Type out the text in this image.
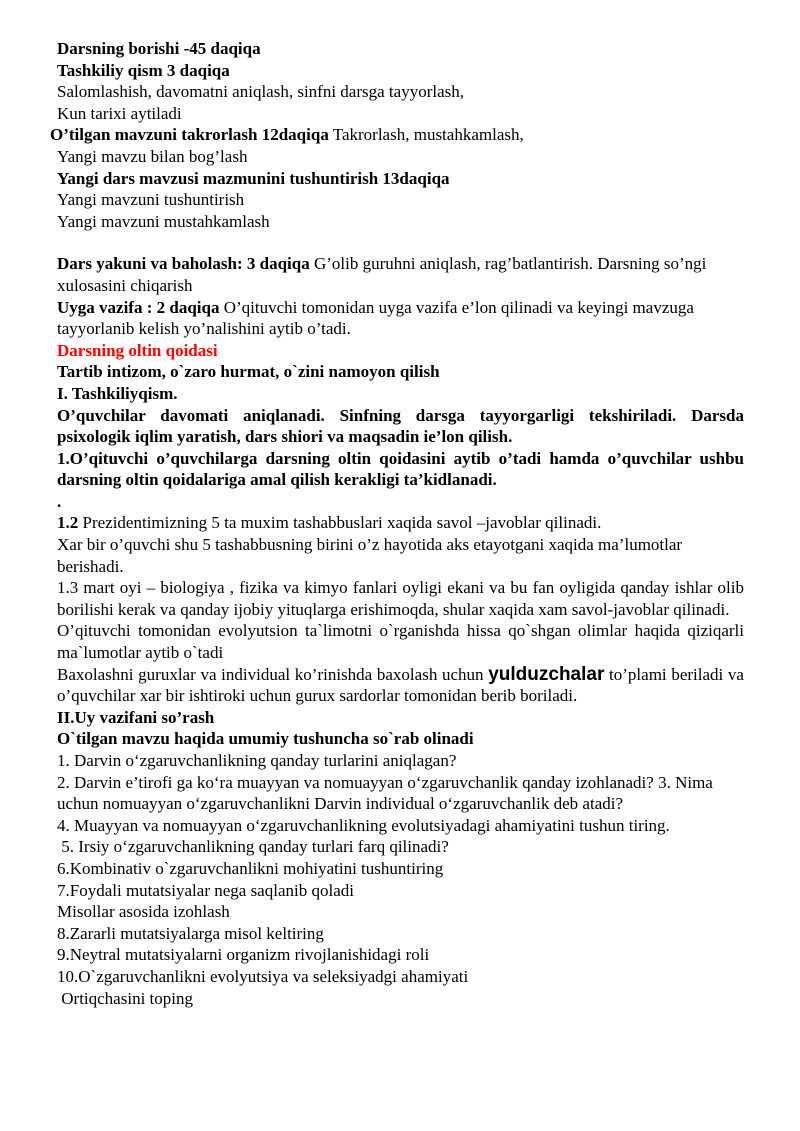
Darsning borishi -45 daqiqa
Tashkiliy qism 3 daqiqa
Salomlashish, davomatni aniqlash, sinfni darsga tayyorlash,
Kun tarixi aytiladi
O’tilgan mavzuni takrorlash 12daqiqa Takrorlash, mustahkamlash,
Yangi mavzu bilan bog’lash
Yangi dars mavzusi mazmunini tushuntirish 13daqiqa
Yangi mavzuni tushuntirish
Yangi mavzuni mustahkamlash
Dars yakuni va baholash: 3 daqiqa G’olib guruhni aniqlash, rag’batlantirish. Darsning so’ngi xulosasini chiqarish
Uyga vazifa : 2 daqiqa O’qituvchi tomonidan uyga vazifa e’lon qilinadi va keyingi mavzuga tayyorlanib kelish yo’nalishini aytib o’tadi.
Darsning oltin qoidasi
Tartib intizom, o`zaro hurmat, o`zini namoyon qilish
I. Tashkiliyqism.
O’quvchilar davomati aniqlanadi. Sinfning darsga tayyorgarligi tekshiriladi. Darsda psixologik iqlim yaratish, dars shiori va maqsadin ie’lon qilish.
1.O’qituvchi o’quvchilarga darsning oltin qoidasini aytib o’tadi hamda o’quvchilar ushbu darsning oltin qoidalariga amal qilish kerakligi ta’kidlanadi.
.
1.2 Prezidentimizning 5 ta muxim tashabbuslari xaqida savol –javoblar qilinadi.
Xar bir o’quvchi shu 5 tashabbusning birini o’z hayotida aks etayotgani xaqida ma’lumotlar berishadi.
1.3 mart oyi – biologiya , fizika va kimyo fanlari oyligi ekani va bu fan oyligida qanday ishlar olib borilishi kerak va qanday ijobiy yituqlarga erishimoqda, shular xaqida xam savol-javoblar qilinadi.
O’qituvchi tomonidan evolyutsion ta`limotni o`rganishda hissa qo`shgan olimlar haqida qiziqarli ma`lumotlar aytib o`tadi
Baxolashni guruxlar va individual ko’rinishda baxolash uchun yulduzchalar to’plami beriladi va o’quvchilar xar bir ishtiroki uchun gurux sardorlar tomonidan berib boriladi.
II.Uy vazifani so’rash
O`tilgan mavzu haqida umumiy tushuncha so`rab olinadi
1. Darvin o‘zgaruvchanlikning qanday turlarini aniqlagan?
2. Darvin e’tirofi ga ko‘ra muayyan va nomuayyan o‘zgaruvchanlik qanday izohlanadi? 3. Nima uchun nomuayyan o‘zgaruvchanlikni Darvin individual o‘zgaruvchanlik deb atadi?
4. Muayyan va nomuayyan o‘zgaruvchanlikning evolutsiyadagi ahamiyatini tushun tiring.
5. Irsiy o‘zgaruvchanlikning qanday turlari farq qilinadi?
6.Kombinativ o`zgaruvchanlikni mohiyatini tushuntiring
7.Foydali mutatsiyalar nega saqlanib qoladi
Misollar asosida izohlash
8.Zararli mutatsiyalarga misol keltiring
9.Neytral mutatsiyalarni organizm rivojlanishidagi roli
10.O`zgaruvchanlikni evolyutsiya va seleksiyadgi ahamiyati
Ortiqchasini toping
